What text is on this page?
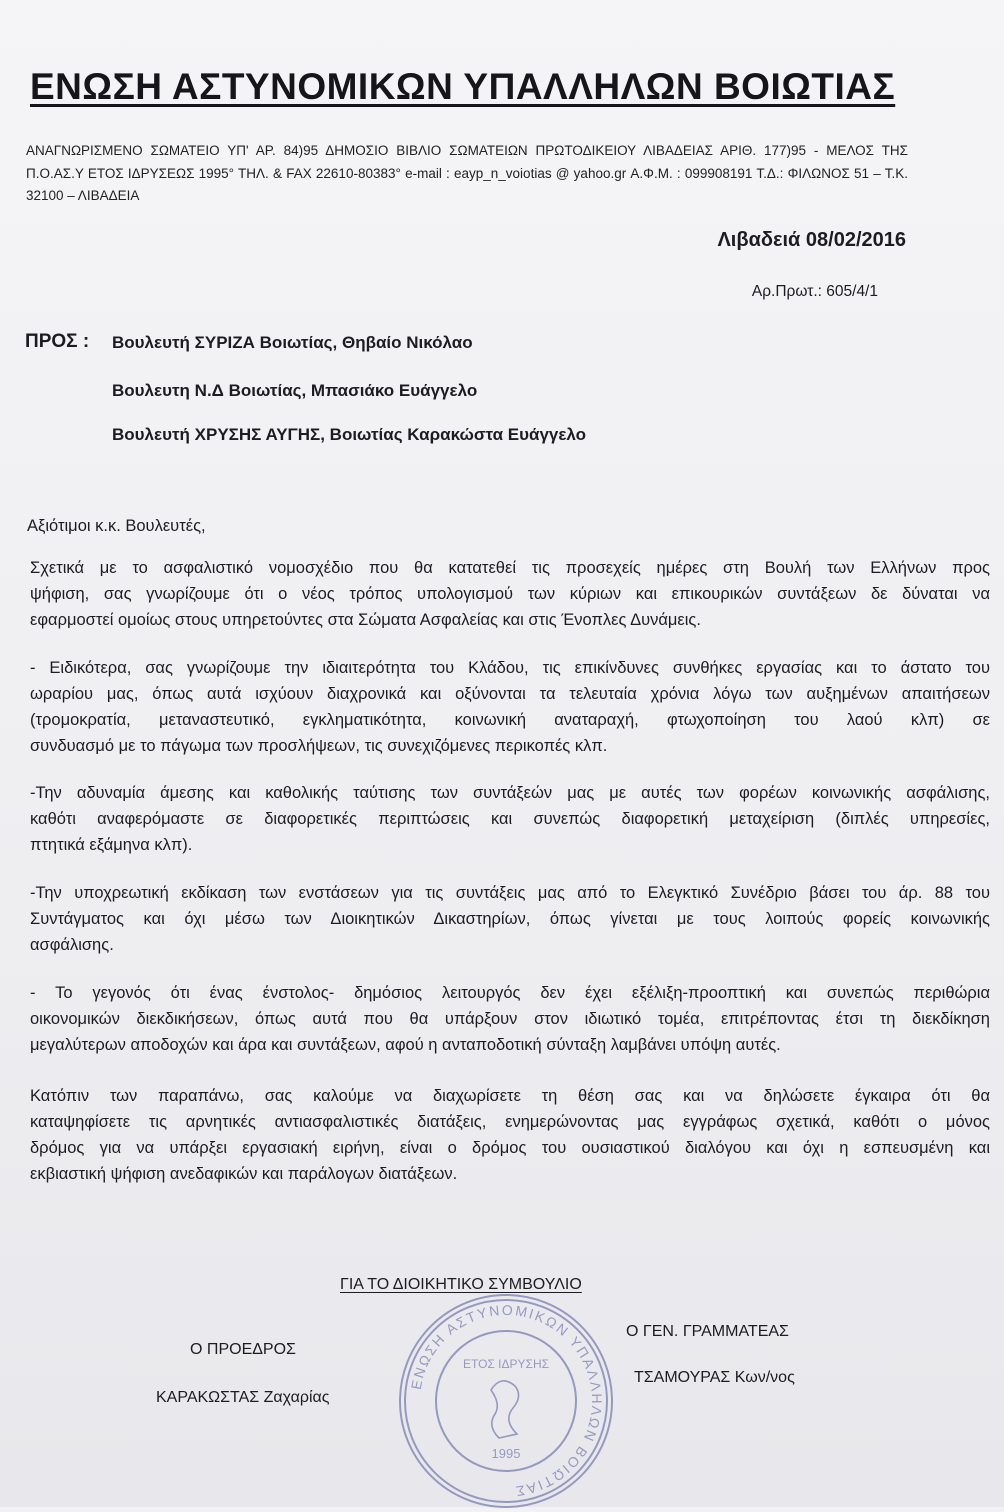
ΕΝΩΣΗ ΑΣΤΥΝΟΜΙΚΩΝ ΥΠΑΛΛΗΛΩΝ ΒΟΙΩΤΙΑΣ
ΑΝΑΓΝΩΡΙΣΜΕΝΟ ΣΩΜΑΤΕΙΟ ΥΠ' ΑΡ. 84)95 ΔΗΜΟΣΙΟ ΒΙΒΛΙΟ ΣΩΜΑΤΕΙΩΝ ΠΡΩΤΟΔΙΚΕΙΟΥ ΛΙΒΑΔΕΙΑΣ ΑΡΙΘ. 177)95 - ΜΕΛΟΣ ΤΗΣ
Π.Ο.ΑΣ.Υ ΕΤΟΣ ΙΔΡΥΣΕΩΣ 1995° ΤΗΛ. & FAX 22610-80383° e-mail : eayp_n_voiotias @ yahoo.gr Α.Φ.Μ. : 099908191 Τ.Δ.: ΦΙΛΩΝΟΣ 51 – Τ.Κ.
32100 – ΛΙΒΑΔΕΙΑ
Λιβαδειά 08/02/2016
Αρ.Πρωτ.: 605/4/1
ΠΡΟΣ : Βουλευτή ΣΥΡΙΖΑ Βοιωτίας, Θηβαίο Νικόλαο
Βουλευτη Ν.Δ Βοιωτίας, Μπασιάκο Ευάγγελο
Βουλευτή ΧΡΥΣΗΣ ΑΥΓΗΣ, Βοιωτίας Καρακώστα Ευάγγελο
Αξιότιμοι κ.κ. Βουλευτές,
Σχετικά με το ασφαλιστικό νομοσχέδιο που θα κατατεθεί τις προσεχείς ημέρες στη Βουλή των Ελλήνων προς
ψήφιση, σας γνωρίζουμε ότι ο νέος τρόπος υπολογισμού των κύριων και επικουρικών συντάξεων δε δύναται να
εφαρμοστεί ομοίως στους υπηρετούντες στα Σώματα Ασφαλείας και στις Ένοπλες Δυνάμεις.
- Ειδικότερα, σας γνωρίζουμε την ιδιαιτερότητα του Κλάδου, τις επικίνδυνες συνθήκες εργασίας και το άστατο του
ωραρίου μας, όπως αυτά ισχύουν διαχρονικά και οξύνονται τα τελευταία χρόνια λόγω των αυξημένων απαιτήσεων
(τρομοκρατία, μεταναστευτικό, εγκληματικότητα, κοινωνική αναταραχή, φτωχοποίηση του λαού κλπ) σε
συνδυασμό με το πάγωμα των προσλήψεων, τις συνεχιζόμενες περικοπές κλπ.
-Την αδυναμία άμεσης και καθολικής ταύτισης των συντάξεών μας με αυτές των φορέων κοινωνικής ασφάλισης,
καθότι αναφερόμαστε σε διαφορετικές περιπτώσεις και συνεπώς διαφορετική μεταχείριση (διπλές υπηρεσίες,
πτητικά εξάμηνα κλπ).
-Την υποχρεωτική εκδίκαση των ενστάσεων για τις συντάξεις μας από το Ελεγκτικό Συνέδριο βάσει του άρ. 88 του
Συντάγματος και όχι μέσω των Διοικητικών Δικαστηρίων, όπως γίνεται με τους λοιπούς φορείς κοινωνικής
ασφάλισης.
- Το γεγονός ότι ένας ένστολος- δημόσιος λειτουργός δεν έχει εξέλιξη-προοπτική και συνεπώς περιθώρια
οικονομικών διεκδικήσεων, όπως αυτά που θα υπάρξουν στον ιδιωτικό τομέα, επιτρέποντας έτσι τη διεκδίκηση
μεγαλύτερων αποδοχών και άρα και συντάξεων, αφού η ανταποδοτική σύνταξη λαμβάνει υπόψη αυτές.
Κατόπιν των παραπάνω, σας καλούμε να διαχωρίσετε τη θέση σας και να δηλώσετε έγκαιρα ότι θα
καταψηφίσετε τις αρνητικές αντιασφαλιστικές διατάξεις, ενημερώνοντας μας εγγράφως σχετικά, καθότι ο μόνος
δρόμος για να υπάρξει εργασιακή ειρήνη, είναι ο δρόμος του ουσιαστικού διαλόγου και όχι η εσπευσμένη και
εκβιαστική ψήφιση ανεδαφικών και παράλογων διατάξεων.
ΕΝΩΣΗ ΑΣΤΥΝΟΜΙΚΩΝ ΥΠΑΛΛΗΛΩΝ ΒΟΙΩΤΙΑΣ
ΕΤΟΣ ΙΔΡΥΣΗΣ
1995
ΓΙΑ ΤΟ ΔΙΟΙΚΗΤΙΚΟ ΣΥΜΒΟΥΛΙΟ
Ο ΠΡΟΕΔΡΟΣ
ΚΑΡΑΚΩΣΤΑΣ Ζαχαρίας
Ο ΓΕΝ. ΓΡΑΜΜΑΤΕΑΣ
ΤΣΑΜΟΥΡΑΣ Κων/νος
